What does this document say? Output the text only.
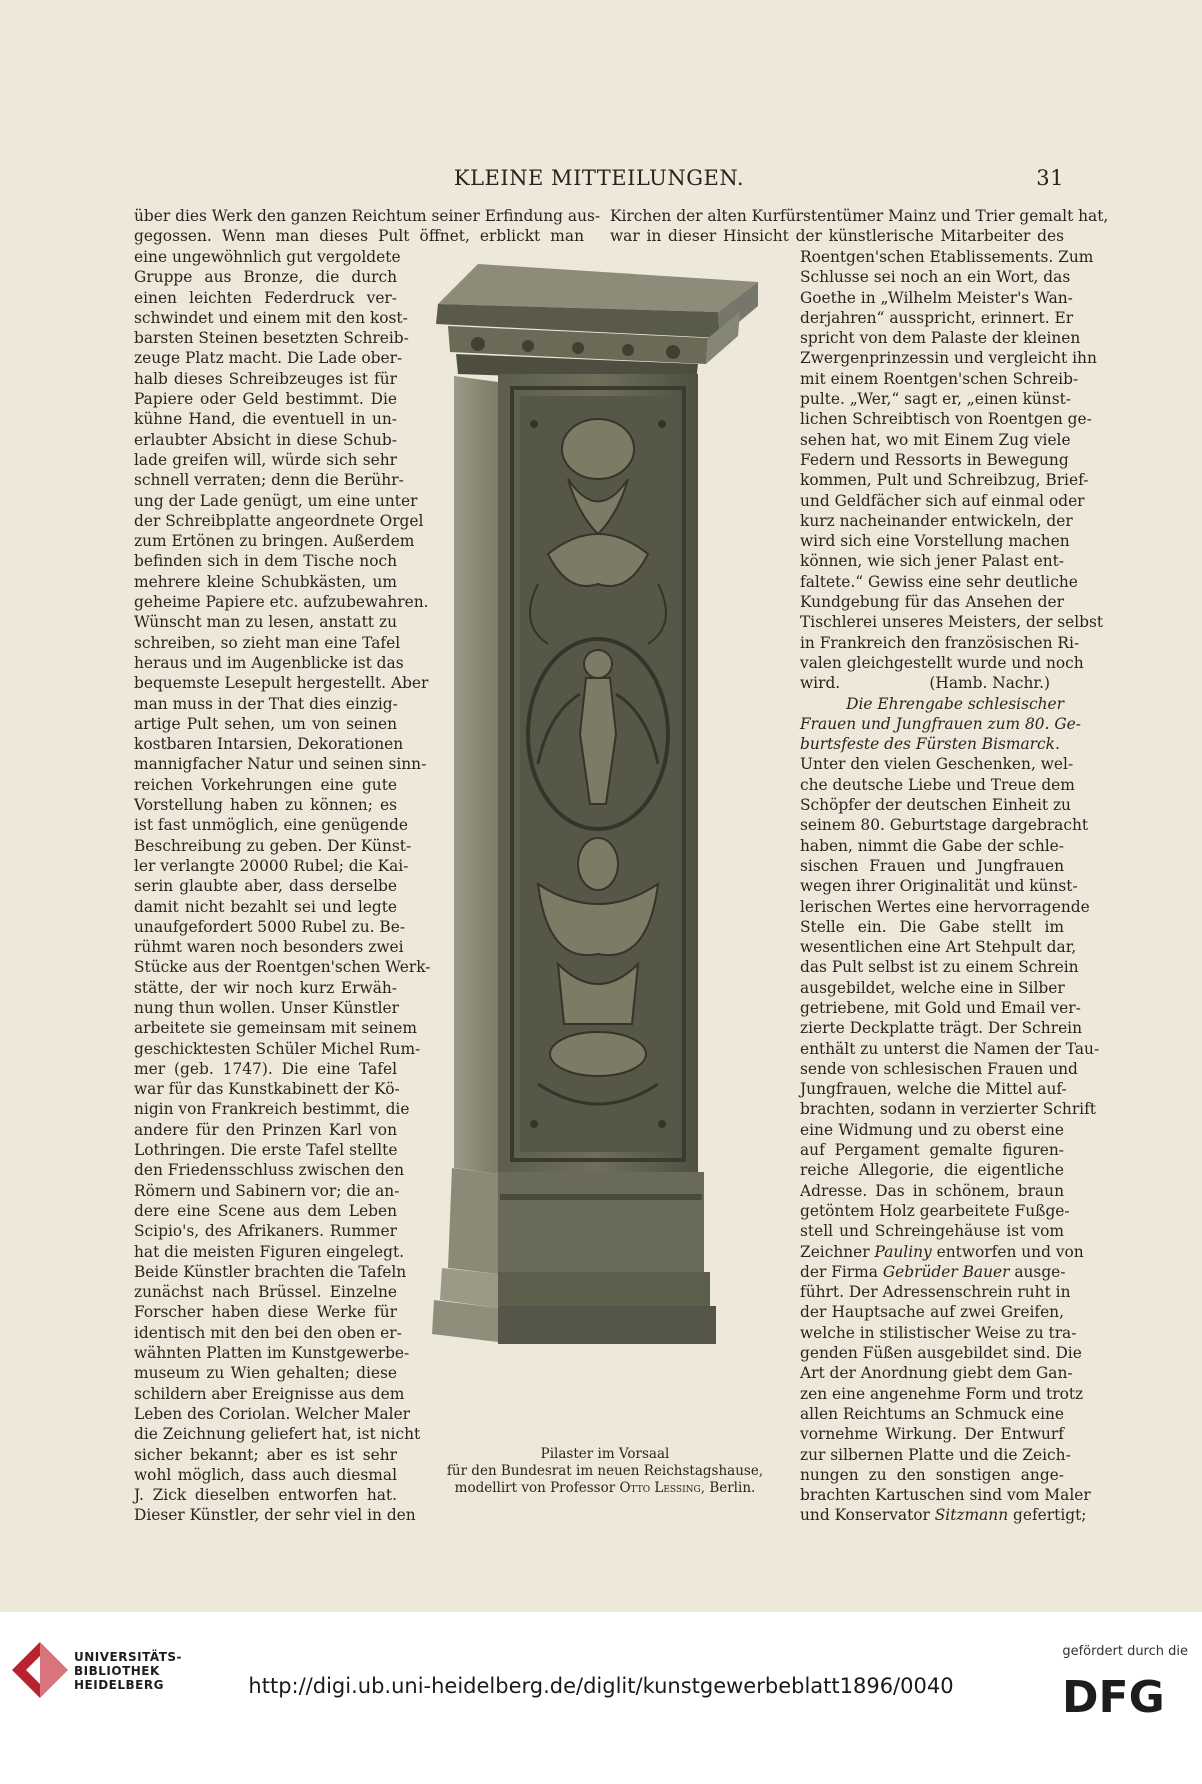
KLEINE MITTEILUNGEN.	31
über dies Werk den ganzen Reichtum seiner Erfindung aus-
gegossen. Wenn man dieses Pult öffnet, erblickt man
Kirchen der alten Kurfürstentümer Mainz und Trier gemalt hat,
war in dieser Hinsicht der künstlerische Mitarbeiter des
eine ungewöhnlich gut vergoldete
Gruppe aus Bronze, die durch
einen leichten Federdruck ver-
schwindet und einem mit den kost-
barsten Steinen besetzten Schreib-
zeuge Platz macht. Die Lade ober-
halb dieses Schreibzeuges ist für
Papiere oder Geld bestimmt. Die
kühne Hand, die eventuell in un-
erlaubter Absicht in diese Schub-
lade greifen will, würde sich sehr
schnell verraten; denn die Berühr-
ung der Lade genügt, um eine unter
der Schreibplatte angeordnete Orgel
zum Ertönen zu bringen. Außerdem
befinden sich in dem Tische noch
mehrere kleine Schubkästen, um
geheime Papiere etc. aufzubewahren.
Wünscht man zu lesen, anstatt zu
schreiben, so zieht man eine Tafel
heraus und im Augenblicke ist das
bequemste Lesepult hergestellt. Aber
man muss in der That dies einzig-
artige Pult sehen, um von seinen
kostbaren Intarsien, Dekorationen
mannigfacher Natur und seinen sinn-
reichen Vorkehrungen eine gute
Vorstellung haben zu können; es
ist fast unmöglich, eine genügende
Beschreibung zu geben. Der Künst-
ler verlangte 20000 Rubel; die Kai-
serin glaubte aber, dass derselbe
damit nicht bezahlt sei und legte
unaufgefordert 5000 Rubel zu. Be-
rühmt waren noch besonders zwei
Stücke aus der Roentgen'schen Werk-
stätte, der wir noch kurz Erwäh-
nung thun wollen. Unser Künstler
arbeitete sie gemeinsam mit seinem
geschicktesten Schüler Michel Rum-
mer (geb. 1747). Die eine Tafel
war für das Kunstkabinett der Kö-
nigin von Frankreich bestimmt, die
andere für den Prinzen Karl von
Lothringen. Die erste Tafel stellte
den Friedensschluss zwischen den
Römern und Sabinern vor; die an-
dere eine Scene aus dem Leben
Scipio's, des Afrikaners. Rummer
hat die meisten Figuren eingelegt.
Beide Künstler brachten die Tafeln
zunächst nach Brüssel. Einzelne
Forscher haben diese Werke für
identisch mit den bei den oben er-
wähnten Platten im Kunstgewerbe-
museum zu Wien gehalten; diese
schildern aber Ereignisse aus dem
Leben des Coriolan. Welcher Maler
die Zeichnung geliefert hat, ist nicht
sicher bekannt; aber es ist sehr
wohl möglich, dass auch diesmal
J. Zick dieselben entworfen hat.
Dieser Künstler, der sehr viel in den
Roentgen'schen Etablissements. Zum
Schlusse sei noch an ein Wort, das
Goethe in „Wilhelm Meister's Wan-
derjahren“ ausspricht, erinnert. Er
spricht von dem Palaste der kleinen
Zwergenprinzessin und vergleicht ihn
mit einem Roentgen'schen Schreib-
pulte. „Wer,“ sagt er, „einen künst-
lichen Schreibtisch von Roentgen ge-
sehen hat, wo mit Einem Zug viele
Federn und Ressorts in Bewegung
kommen, Pult und Schreibzug, Brief-
und Geldfächer sich auf einmal oder
kurz nacheinander entwickeln, der
wird sich eine Vorstellung machen
können, wie sich jener Palast ent-
faltete.“ Gewiss eine sehr deutliche
Kundgebung für das Ansehen der
Tischlerei unseres Meisters, der selbst
in Frankreich den französischen Ri-
valen gleichgestellt wurde und noch
wird.	(Hamb. Nachr.)
Die Ehrengabe schlesischer
Frauen und Jungfrauen zum 80. Ge-
burtsfeste des Fürsten Bismarck.
Unter den vielen Geschenken, wel-
che deutsche Liebe und Treue dem
Schöpfer der deutschen Einheit zu
seinem 80. Geburtstage dargebracht
haben, nimmt die Gabe der schle-
sischen Frauen und Jungfrauen
wegen ihrer Originalität und künst-
lerischen Wertes eine hervorragende
Stelle ein. Die Gabe stellt im
wesentlichen eine Art Stehpult dar,
das Pult selbst ist zu einem Schrein
ausgebildet, welche eine in Silber
getriebene, mit Gold und Email ver-
zierte Deckplatte trägt. Der Schrein
enthält zu unterst die Namen der Tau-
sende von schlesischen Frauen und
Jungfrauen, welche die Mittel auf-
brachten, sodann in verzierter Schrift
eine Widmung und zu oberst eine
auf Pergament gemalte figuren-
reiche Allegorie, die eigentliche
Adresse. Das in schönem, braun
getöntem Holz gearbeitete Fußge-
stell und Schreingehäuse ist vom
Zeichner Pauliny entworfen und von
der Firma Gebrüder Bauer ausge-
führt. Der Adressenschrein ruht in
der Hauptsache auf zwei Greifen,
welche in stilistischer Weise zu tra-
genden Füßen ausgebildet sind. Die
Art der Anordnung giebt dem Gan-
zen eine angenehme Form und trotz
allen Reichtums an Schmuck eine
vornehme Wirkung. Der Entwurf
zur silbernen Platte und die Zeich-
nungen zu den sonstigen ange-
brachten Kartuschen sind vom Maler
und Konservator Sitzmann gefertigt;
Pilaster im Vorsaal
für den Bundesrat im neuen Reichstagshause,
modellirt von Professor Otto Lessing, Berlin.
UNIVERSITÄTS-
BIBLIOTHEK
HEIDELBERG	http://digi.ub.uni-heidelberg.de/diglit/kunstgewerbeblatt1896/0040
gefördert durch die
DFG
